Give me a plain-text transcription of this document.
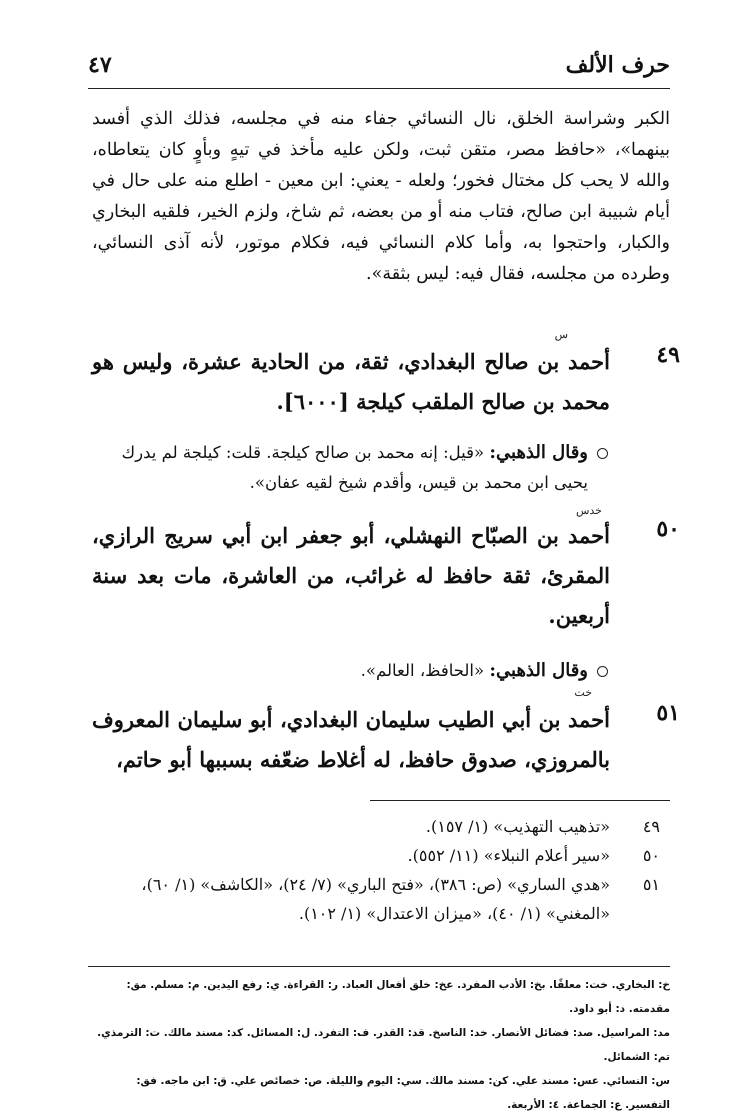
حرف الألف
٤٧
الكبر وشراسة الخلق، نال النسائي جفاء منه في مجلسه، فذلك الذي أفسد بينهما»، «حافظ مصر، متقن ثبت، ولكن عليه مأخذ في تيهٍ وبأوٍ كان يتعاطاه، والله لا يحب كل مختال فخور؛ ولعله - يعني: ابن معين - اطلع منه على حال في أيام شبيبة ابن صالح، فتاب منه أو من بعضه، ثم شاخ، ولزم الخير، فلقيه البخاري والكبار، واحتجوا به، وأما كلام النسائي فيه، فكلام موتور، لأنه آذى النسائي، وطرده من مجلسه، فقال فيه: ليس بثقة».
س
٤٩
أحمد بن صالح البغدادي، ثقة، من الحادية عشرة، وليس هو محمد بن صالح الملقب كيلجة [٦٠٠٠].
وقال الذهبي: «قيل: إنه محمد بن صالح كيلجة. قلت: كيلجة لم يدرك يحيى ابن محمد بن قيس، وأقدم شيخ لقيه عفان».
خدس
٥٠
أحمد بن الصبّاح النهشلي، أبو جعفر ابن أبي سريج الرازي، المقرئ، ثقة حافظ له غرائب، من العاشرة، مات بعد سنة أربعين.
وقال الذهبي: «الحافظ، العالم».
خت
٥١
أحمد بن أبي الطيب سليمان البغدادي، أبو سليمان المعروف بالمروزي، صدوق حافظ، له أغلاط ضعّفه بسببها أبو حاتم،
٤٩
«تذهيب التهذيب» (١/ ١٥٧).
٥٠
«سير أعلام النبلاء» (١١/ ٥٥٢).
٥١
«هدي الساري» (ص: ٣٨٦)، «فتح الباري» (٧/ ٢٤)، «الكاشف» (١/ ٦٠)، «المغني» (١/ ٤٠)، «ميزان الاعتدال» (١/ ١٠٢).
خ: البخاري. خت: معلقًا. بخ: الأدب المفرد. عخ: خلق أفعال العباد. ر: القراءة. ي: رفع اليدين. م: مسلم. مق: مقدمته. د: أبو داود.
مد: المراسيل. صد: فضائل الأنصار. خد: الناسخ. قد: القدر. ف: التفرد. ل: المسائل. كد: مسند مالك. ت: الترمذي. تم: الشمائل.
س: النسائي. عس: مسند علي. كن: مسند مالك. سي: اليوم والليلة. ص: خصائص علي. ق: ابن ماجه. فق: التفسير. ع: الجماعة. ٤: الأربعة.
